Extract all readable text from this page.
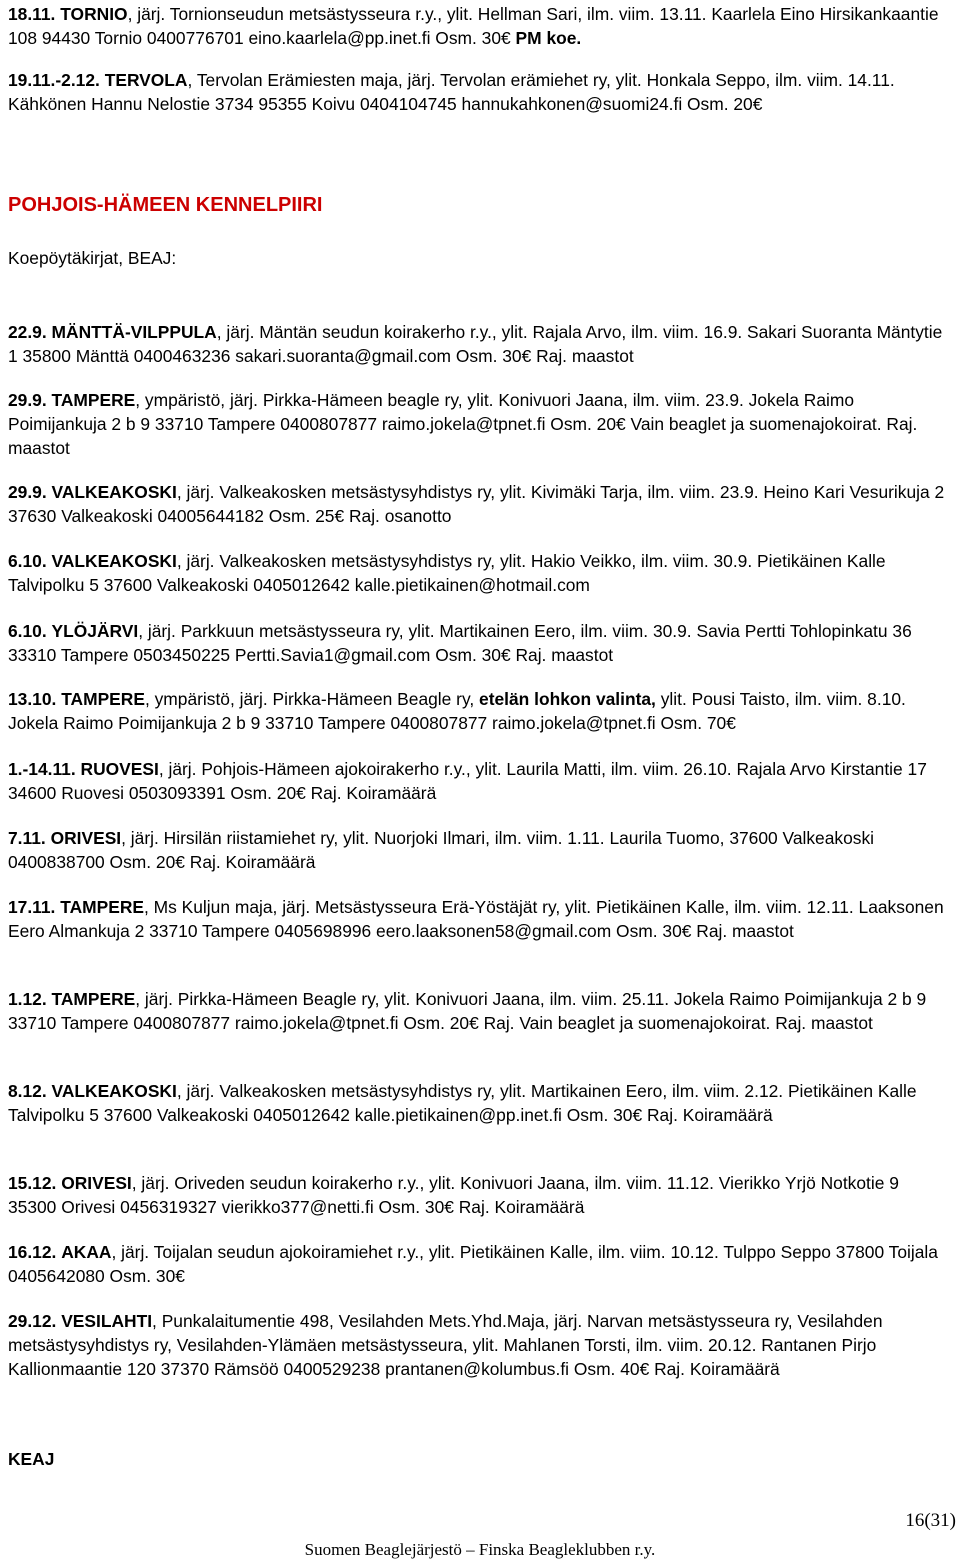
18.11. TORNIO, järj. Tornionseudun metsästysseura r.y., ylit. Hellman Sari, ilm. viim. 13.11. Kaarlela Eino Hirsikankaantie 108 94430 Tornio 0400776701 eino.kaarlela@pp.inet.fi Osm. 30€ PM koe.

19.11.-2.12. TERVOLA, Tervolan Erämiesten maja, järj. Tervolan erämiehet ry, ylit. Honkala Seppo, ilm. viim. 14.11. Kähkönen Hannu Nelostie 3734 95355 Koivu 0404104745 hannukahkonen@suomi24.fi Osm. 20€

POHJOIS-HÄMEEN KENNELPIIRI

Koepöytäkirjat, BEAJ:

22.9. MÄNTTÄ-VILPPULA, järj. Mäntän seudun koirakerho r.y., ylit. Rajala Arvo, ilm. viim. 16.9. Sakari Suoranta Mäntytie 1 35800 Mänttä 0400463236 sakari.suoranta@gmail.com Osm. 30€ Raj. maastot

29.9. TAMPERE, ympäristö, järj. Pirkka-Hämeen beagle ry, ylit. Konivuori Jaana, ilm. viim. 23.9. Jokela Raimo Poimijankuja 2 b 9 33710 Tampere 0400807877 raimo.jokela@tpnet.fi Osm. 20€ Vain beaglet ja suomenajokoirat. Raj. maastot

29.9. VALKEAKOSKI, järj. Valkeakosken metsästysyhdistys ry, ylit. Kivimäki Tarja, ilm. viim. 23.9. Heino Kari Vesurikuja 2 37630 Valkeakoski 04005644182 Osm. 25€ Raj. osanotto

6.10. VALKEAKOSKI, järj. Valkeakosken metsästysyhdistys ry, ylit. Hakio Veikko, ilm. viim. 30.9. Pietikäinen Kalle Talvipolku 5 37600 Valkeakoski 0405012642 kalle.pietikainen@hotmail.com

6.10. YLÖJÄRVI, järj. Parkkuun metsästysseura ry, ylit. Martikainen Eero, ilm. viim. 30.9. Savia Pertti Tohlopinkatu 36 33310 Tampere 0503450225 Pertti.Savia1@gmail.com Osm. 30€ Raj. maastot

13.10. TAMPERE, ympäristö, järj. Pirkka-Hämeen Beagle ry, etelän lohkon valinta, ylit. Pousi Taisto, ilm. viim. 8.10. Jokela Raimo Poimijankuja 2 b 9 33710 Tampere 0400807877 raimo.jokela@tpnet.fi Osm. 70€

1.-14.11. RUOVESI, järj. Pohjois-Hämeen ajokoirakerho r.y., ylit. Laurila Matti, ilm. viim. 26.10. Rajala Arvo Kirstantie 17 34600 Ruovesi 0503093391 Osm. 20€ Raj. Koiramäärä

7.11. ORIVESI, järj. Hirsilän riistamiehet ry, ylit. Nuorjoki Ilmari, ilm. viim. 1.11. Laurila Tuomo, 37600 Valkeakoski 0400838700 Osm. 20€ Raj. Koiramäärä

17.11. TAMPERE, Ms Kuljun maja, järj. Metsästysseura Erä-Yöstäjät ry, ylit. Pietikäinen Kalle, ilm. viim. 12.11. Laaksonen Eero Almankuja 2 33710 Tampere 0405698996 eero.laaksonen58@gmail.com Osm. 30€ Raj. maastot

1.12. TAMPERE, järj. Pirkka-Hämeen Beagle ry, ylit. Konivuori Jaana, ilm. viim. 25.11. Jokela Raimo Poimijankuja 2 b 9 33710 Tampere 0400807877 raimo.jokela@tpnet.fi Osm. 20€ Raj. Vain beaglet ja suomenajokoirat. Raj. maastot

8.12. VALKEAKOSKI, järj. Valkeakosken metsästysyhdistys ry, ylit. Martikainen Eero, ilm. viim. 2.12. Pietikäinen Kalle Talvipolku 5 37600 Valkeakoski 0405012642 kalle.pietikainen@pp.inet.fi Osm. 30€ Raj. Koiramäärä

15.12. ORIVESI, järj. Oriveden seudun koirakerho r.y., ylit. Konivuori Jaana, ilm. viim. 11.12. Vierikko Yrjö Notkotie 9 35300 Orivesi 0456319327 vierikko377@netti.fi Osm. 30€ Raj. Koiramäärä

16.12. AKAA, järj. Toijalan seudun ajokoiramiehet r.y., ylit. Pietikäinen Kalle, ilm. viim. 10.12. Tulppo Seppo 37800 Toijala 0405642080 Osm. 30€

29.12. VESILAHTI, Punkalaitumentie 498, Vesilahden Mets.Yhd.Maja, järj. Narvan metsästysseura ry, Vesilahden metsästysyhdistys ry, Vesilahden-Ylämäen metsästysseura, ylit. Mahlanen Torsti, ilm. viim. 20.12. Rantanen Pirjo Kallionmaantie 120 37370 Rämsöö 0400529238 prantanen@kolumbus.fi Osm. 40€ Raj. Koiramäärä

KEAJ

16(31)
Suomen Beaglejärjestö – Finska Beagleklubben r.y.
